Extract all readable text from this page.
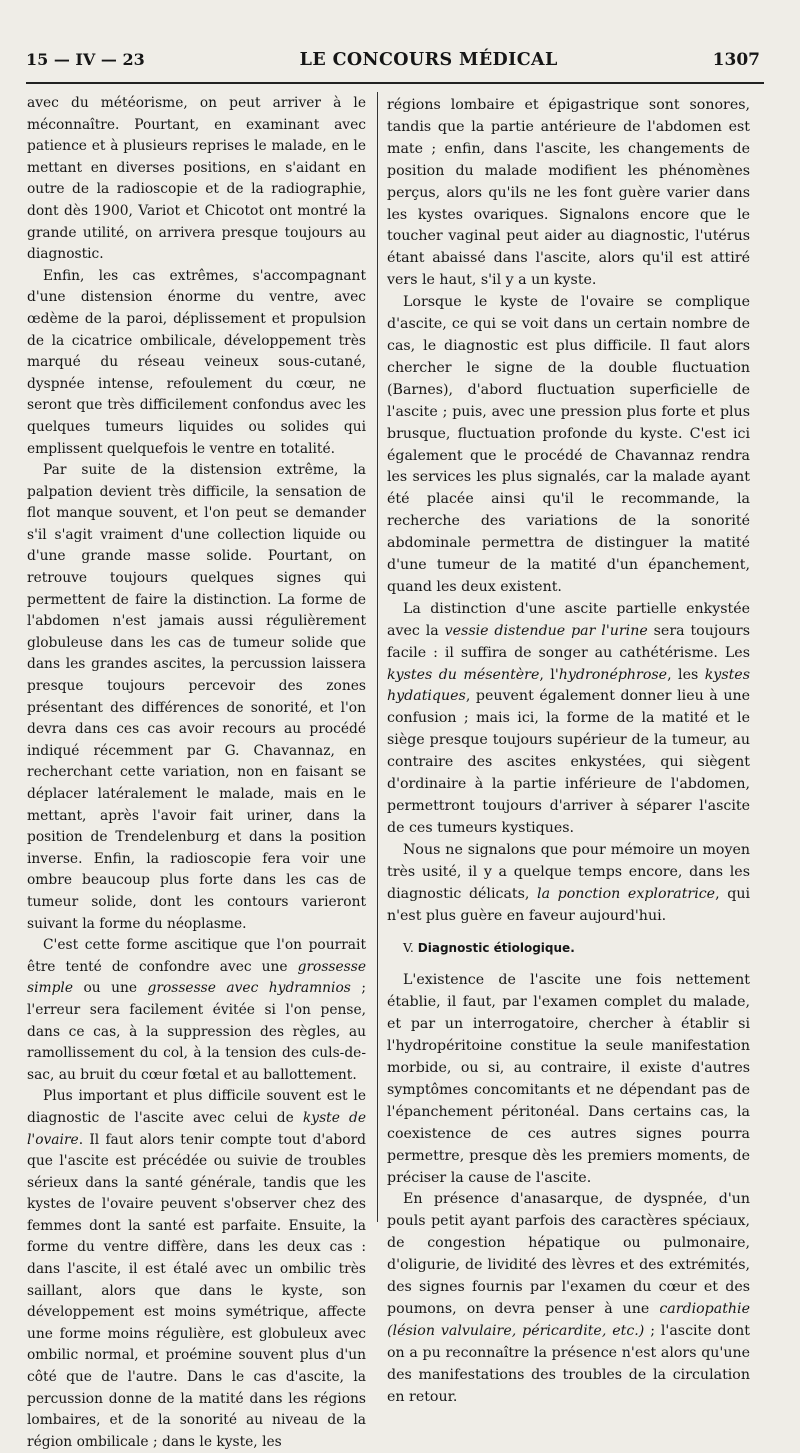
15 — IV — 23	LE CONCOURS MÉDICAL	1307

avec du météorisme, on peut arriver à le méconnaître. Pourtant, en examinant avec patience et à plusieurs reprises le malade, en le mettant en diverses positions, en s'aidant en outre de la radioscopie et de la radiographie, dont dès 1900, Variot et Chicotot ont montré la grande utilité, on arrivera presque toujours au diagnostic.

Enfin, les cas extrêmes, s'accompagnant d'une distension énorme du ventre, avec œdème de la paroi, déplissement et propulsion de la cicatrice ombilicale, développement très marqué du réseau veineux sous-cutané, dyspnée intense, refoulement du cœur, ne seront que très difficilement confondus avec les quelques tumeurs liquides ou solides qui emplissent quelquefois le ventre en totalité.

Par suite de la distension extrême, la palpation devient très difficile, la sensation de flot manque souvent, et l'on peut se demander s'il s'agit vraiment d'une collection liquide ou d'une grande masse solide. Pourtant, on retrouve toujours quelques signes qui permettent de faire la distinction. La forme de l'abdomen n'est jamais aussi régulièrement globuleuse dans les cas de tumeur solide que dans les grandes ascites, la percussion laissera presque toujours percevoir des zones présentant des différences de sonorité, et l'on devra dans ces cas avoir recours au procédé indiqué récemment par G. Chavannaz, en recherchant cette variation, non en faisant se déplacer latéralement le malade, mais en le mettant, après l'avoir fait uriner, dans la position de Trendelenburg et dans la position inverse. Enfin, la radioscopie fera voir une ombre beaucoup plus forte dans les cas de tumeur solide, dont les contours varieront suivant la forme du néoplasme.

C'est cette forme ascitique que l'on pourrait être tenté de confondre avec une grossesse simple ou une grossesse avec hydramnios ; l'erreur sera facilement évitée si l'on pense, dans ce cas, à la suppression des règles, au ramollissement du col, à la tension des culs-de-sac, au bruit du cœur fœtal et au ballottement.

Plus important et plus difficile souvent est le diagnostic de l'ascite avec celui de kyste de l'ovaire. Il faut alors tenir compte tout d'abord que l'ascite est précédée ou suivie de troubles sérieux dans la santé générale, tandis que les kystes de l'ovaire peuvent s'observer chez des femmes dont la santé est parfaite. Ensuite, la forme du ventre diffère, dans les deux cas : dans l'ascite, il est étalé avec un ombilic très saillant, alors que dans le kyste, son développement est moins symétrique, affecte une forme moins régulière, est globuleux avec ombilic normal, et proémine souvent plus d'un côté que de l'autre. Dans le cas d'ascite, la percussion donne de la matité dans les régions lombaires, et de la sonorité au niveau de la région ombilicale ; dans le kyste, les

régions lombaire et épigastrique sont sonores, tandis que la partie antérieure de l'abdomen est mate ; enfin, dans l'ascite, les changements de position du malade modifient les phénomènes perçus, alors qu'ils ne les font guère varier dans les kystes ovariques. Signalons encore que le toucher vaginal peut aider au diagnostic, l'utérus étant abaissé dans l'ascite, alors qu'il est attiré vers le haut, s'il y a un kyste.

Lorsque le kyste de l'ovaire se complique d'ascite, ce qui se voit dans un certain nombre de cas, le diagnostic est plus difficile. Il faut alors chercher le signe de la double fluctuation (Barnes), d'abord fluctuation superficielle de l'ascite ; puis, avec une pression plus forte et plus brusque, fluctuation profonde du kyste. C'est ici également que le procédé de Chavannaz rendra les services les plus signalés, car la malade ayant été placée ainsi qu'il le recommande, la recherche des variations de la sonorité abdominale permettra de distinguer la matité d'une tumeur de la matité d'un épanchement, quand les deux existent.

La distinction d'une ascite partielle enkystée avec la vessie distendue par l'urine sera toujours facile : il suffira de songer au cathétérisme. Les kystes du mésentère, l'hydronéphrose, les kystes hydatiques, peuvent également donner lieu à une confusion ; mais ici, la forme de la matité et le siège presque toujours supérieur de la tumeur, au contraire des ascites enkystées, qui siègent d'ordinaire à la partie inférieure de l'abdomen, permettront toujours d'arriver à séparer l'ascite de ces tumeurs kystiques.

Nous ne signalons que pour mémoire un moyen très usité, il y a quelque temps encore, dans les diagnostic délicats, la ponction exploratrice, qui n'est plus guère en faveur aujourd'hui.

V. Diagnostic étiologique.

L'existence de l'ascite une fois nettement établie, il faut, par l'examen complet du malade, et par un interrogatoire, chercher à établir si l'hydropéritoine constitue la seule manifestation morbide, ou si, au contraire, il existe d'autres symptômes concomitants et ne dépendant pas de l'épanchement péritonéal. Dans certains cas, la coexistence de ces autres signes pourra permettre, presque dès les premiers moments, de préciser la cause de l'ascite.

En présence d'anasarque, de dyspnée, d'un pouls petit ayant parfois des caractères spéciaux, de congestion hépatique ou pulmonaire, d'oligurie, de lividité des lèvres et des extrémités, des signes fournis par l'examen du cœur et des poumons, on devra penser à une cardiopathie (lésion valvulaire, péricardite, etc.) ; l'ascite dont on a pu reconnaître la présence n'est alors qu'une des manifestations des troubles de la circulation en retour.
